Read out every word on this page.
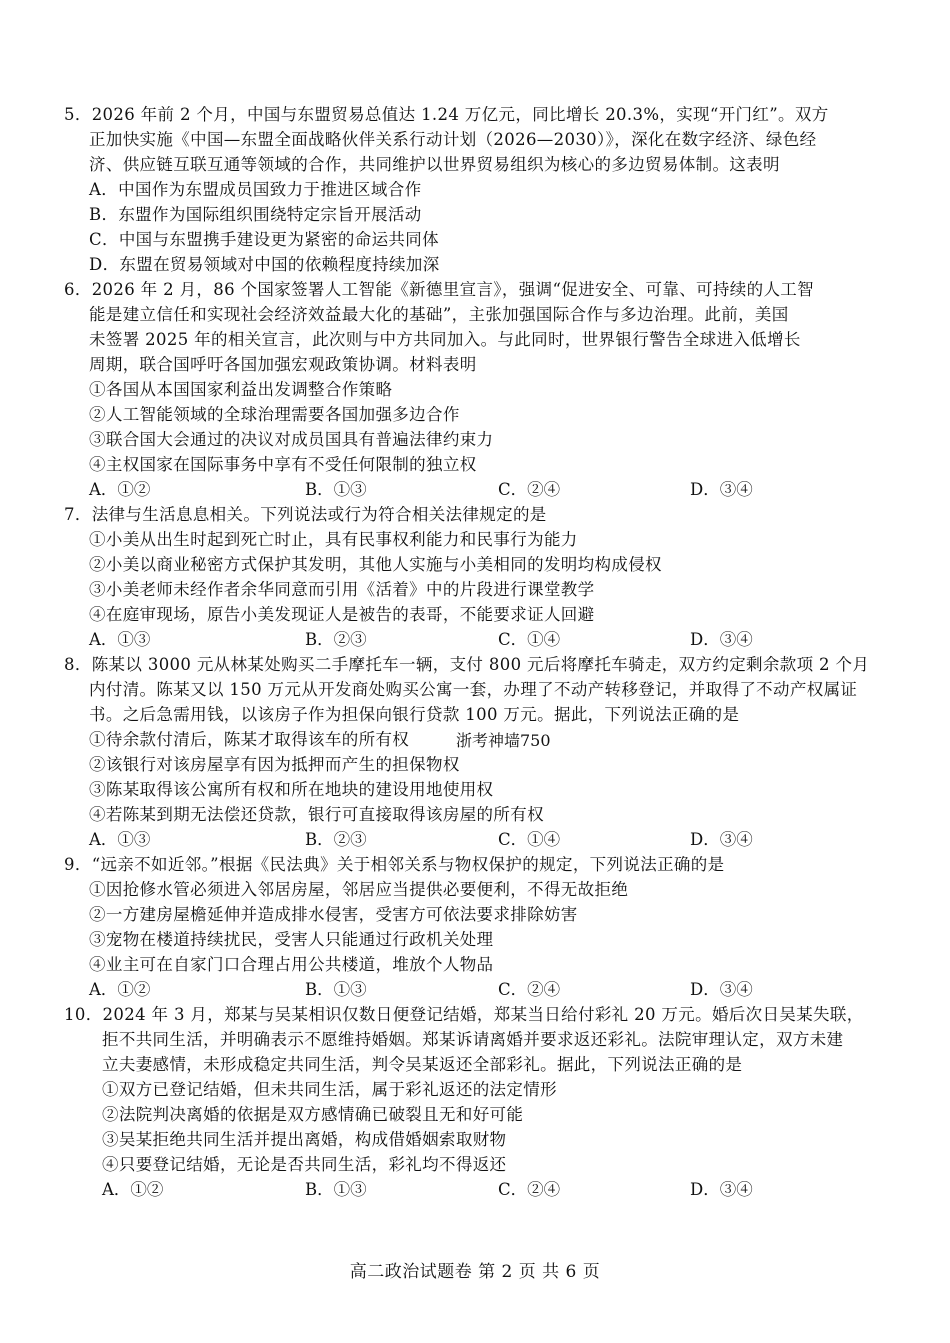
5．2026 年前 2 个月，中国与东盟贸易总值达 1.24 万亿元，同比增长 20.3%，实现“开门红”。双方
正加快实施《中国—东盟全面战略伙伴关系行动计划（2026—2030）》，深化在数字经济、绿色经
济、供应链互联互通等领域的合作，共同维护以世界贸易组织为核心的多边贸易体制。这表明
A．中国作为东盟成员国致力于推进区域合作
B．东盟作为国际组织围绕特定宗旨开展活动
C．中国与东盟携手建设更为紧密的命运共同体
D．东盟在贸易领域对中国的依赖程度持续加深
6．2026 年 2 月，86 个国家签署人工智能《新德里宣言》，强调“促进安全、可靠、可持续的人工智
能是建立信任和实现社会经济效益最大化的基础”，主张加强国际合作与多边治理。此前，美国
未签署 2025 年的相关宣言，此次则与中方共同加入。与此同时，世界银行警告全球进入低增长
周期，联合国呼吁各国加强宏观政策协调。材料表明
①各国从本国国家利益出发调整合作策略
②人工智能领域的全球治理需要各国加强多边合作
③联合国大会通过的决议对成员国具有普遍法律约束力
④主权国家在国际事务中享有不受任何限制的独立权
A．①②	B．①③	C．②④	D．③④
7．法律与生活息息相关。下列说法或行为符合相关法律规定的是
①小美从出生时起到死亡时止，具有民事权利能力和民事行为能力
②小美以商业秘密方式保护其发明，其他人实施与小美相同的发明均构成侵权
③小美老师未经作者余华同意而引用《活着》中的片段进行课堂教学
④在庭审现场，原告小美发现证人是被告的表哥，不能要求证人回避
A．①③	B．②③	C．①④	D．③④
8．陈某以 3000 元从林某处购买二手摩托车一辆，支付 800 元后将摩托车骑走，双方约定剩余款项 2 个月
内付清。陈某又以 150 万元从开发商处购买公寓一套，办理了不动产转移登记，并取得了不动产权属证
书。之后急需用钱，以该房子作为担保向银行贷款 100 万元。据此，下列说法正确的是
①待余款付清后，陈某才取得该车的所有权	浙考神墙750
②该银行对该房屋享有因为抵押而产生的担保物权
③陈某取得该公寓所有权和所在地块的建设用地使用权
④若陈某到期无法偿还贷款，银行可直接取得该房屋的所有权
A．①③	B．②③	C．①④	D．③④
9．“远亲不如近邻。”根据《民法典》关于相邻关系与物权保护的规定，下列说法正确的是
①因抢修水管必须进入邻居房屋，邻居应当提供必要便利，不得无故拒绝
②一方建房屋檐延伸并造成排水侵害，受害方可依法要求排除妨害
③宠物在楼道持续扰民，受害人只能通过行政机关处理
④业主可在自家门口合理占用公共楼道，堆放个人物品
A．①②	B．①③	C．②④	D．③④
10．2024 年 3 月，郑某与吴某相识仅数日便登记结婚，郑某当日给付彩礼 20 万元。婚后次日吴某失联，
拒不共同生活，并明确表示不愿维持婚姻。郑某诉请离婚并要求返还彩礼。法院审理认定，双方未建
立夫妻感情，未形成稳定共同生活，判令吴某返还全部彩礼。据此，下列说法正确的是
①双方已登记结婚，但未共同生活，属于彩礼返还的法定情形
②法院判决离婚的依据是双方感情确已破裂且无和好可能
③吴某拒绝共同生活并提出离婚，构成借婚姻索取财物
④只要登记结婚，无论是否共同生活，彩礼均不得返还
A．①②	B．①③	C．②④	D．③④
高二政治试题卷 第 2 页 共 6 页
